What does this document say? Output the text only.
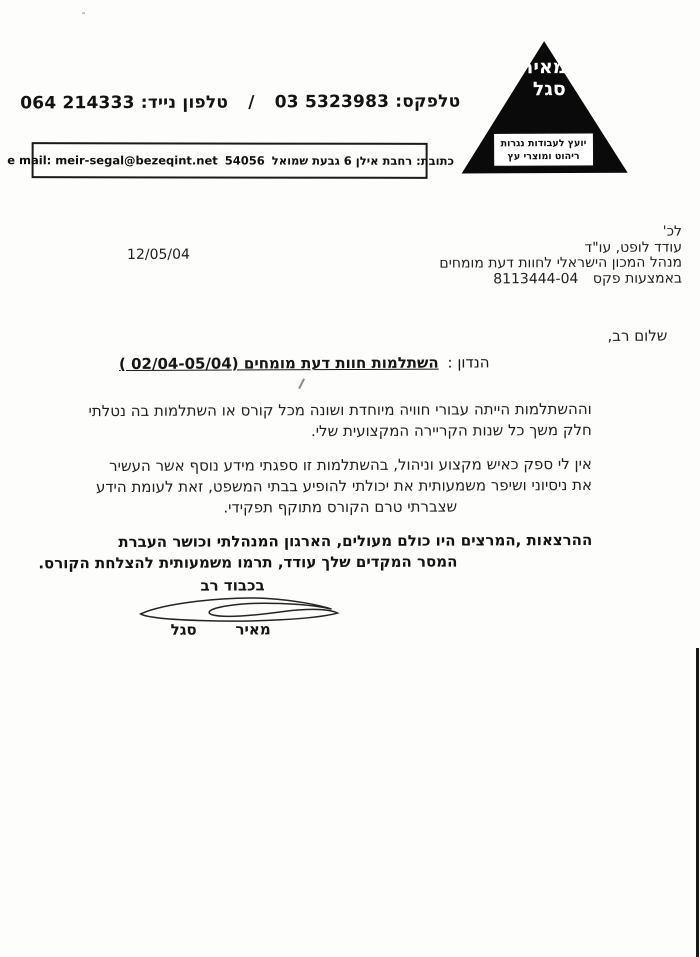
מאיר
סגל
יועץ לעבודות נגרות
ריהוט ומוצרי עץ
טלפקס: 03 5323983 / טלפון נייד: 064 214333
כתובת:

רחבת אילן 6 גבעת שמואל
54056
e mail: meir-segal@bezeqint.net
לכ'
עודד לופט, עו"ד
מנהל המכון הישראלי לחוות דעת מומחים
באמצעות פקס 8113444-04
12/05/04
שלום רב,
הנדון : השתלמות חוות דעת מומחים (02/04-05/04 )
וההשתלמות הייתה עבורי חוויה מיוחדת ושונה מכל קורס או השתלמות בה נטלתי
חלק משך כל שנות הקריירה המקצועית שלי.
אין לי ספק כאיש מקצוע וניהול, בהשתלמות זו ספגתי מידע נוסף אשר העשיר
את ניסיוני ושיפר משמעותית את יכולתי להופיע בבתי המשפט, זאת לעומת הידע
שצברתי טרם הקורס מתוקף תפקידי.
ההרצאות ,המרצים היו כולם מעולים, הארגון המנהלתי וכושר העברת
המסר המקדים שלך עודד, תרמו משמעותית להצלחת הקורס.
בכבוד רב
מאיר
סגל
